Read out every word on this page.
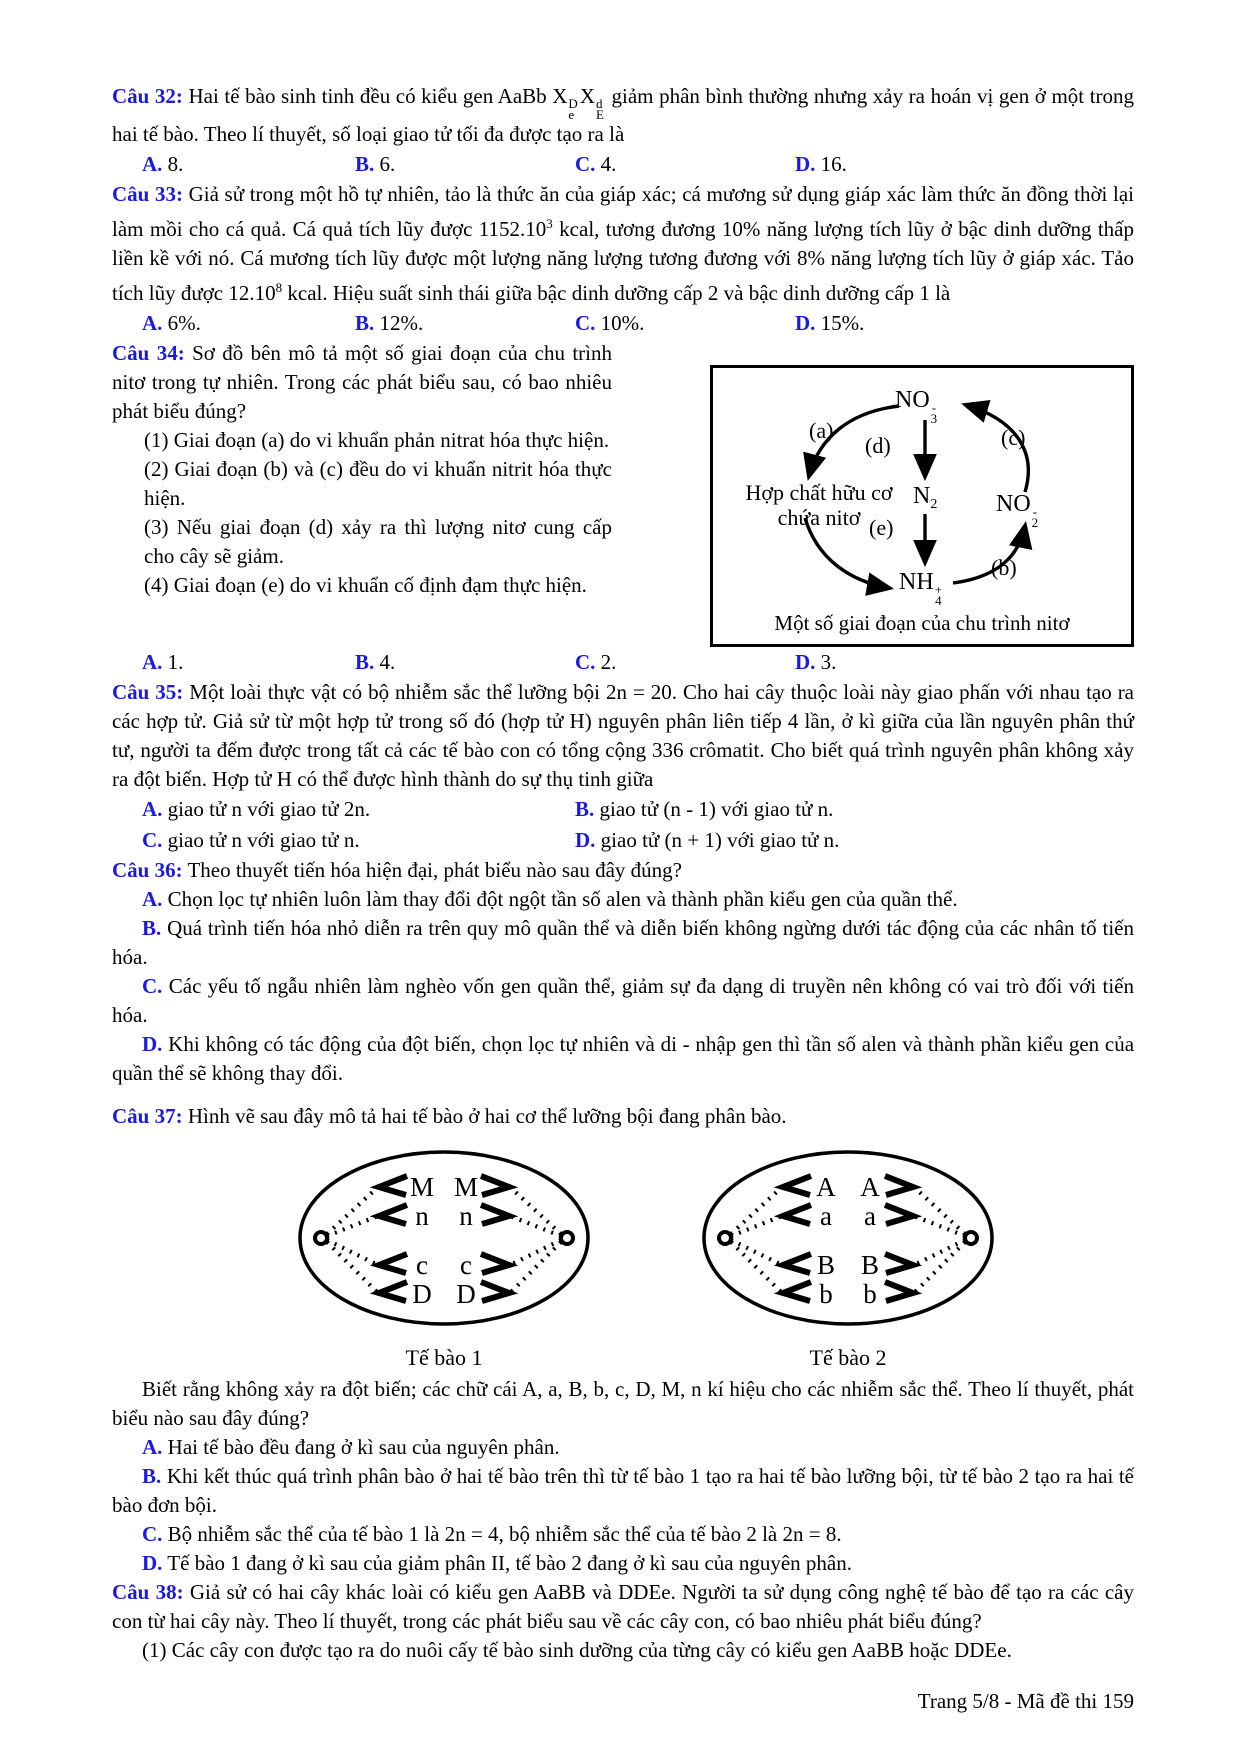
Câu 32: Hai tế bào sinh tinh đều có kiểu gen AaBb X D
e
X d
E
giảm phân bình thường nhưng xảy ra hoán vị gen ở một trong hai tế bào. Theo lí thuyết, số loại giao tử tối đa được tạo ra là

A. 8.	B. 6.	C. 4.	D. 16.

Câu 33: Giả sử trong một hồ tự nhiên, tảo là thức ăn của giáp xác; cá mương sử dụng giáp xác làm thức ăn đồng thời lại làm mồi cho cá quả. Cá quả tích lũy được 1152.10$^3$ kcal, tương đương 10% năng lượng tích lũy ở bậc dinh dưỡng thấp liền kề với nó. Cá mương tích lũy được một lượng năng lượng tương đương với 8% năng lượng tích lũy ở giáp xác. Tảo tích lũy được 12.10$^8$ kcal. Hiệu suất sinh thái giữa bậc dinh dưỡng cấp 2 và bậc dinh dưỡng cấp 1 là

A. 6%.	B. 12%.	C. 10%.	D. 15%.

Câu 34: Sơ đồ bên mô tả một số giai đoạn của chu trình nitơ trong tự nhiên. Trong các phát biểu sau, có bao nhiêu phát biểu đúng?

(1) Giai đoạn (a) do vi khuẩn phản nitrat hóa thực hiện.

(2) Giai đoạn (b) và (c) đều do vi khuẩn nitrit hóa thực hiện.

(3) Nếu giai đoạn (d) xảy ra thì lượng nitơ cung cấp cho cây sẽ giảm.

(4) Giai đoạn (e) do vi khuẩn cố định đạm thực hiện.

NO -
3
(a)
(d)	(c)
Hợp chất hữu cơ
chứa nitơ
$N_2$ NO -
2
(e)
NH +
4
(b)
Một số giai đoạn của chu trình nitơ
A. 1.	B. 4.	C. 2.	D. 3.

Câu 35: Một loài thực vật có bộ nhiễm sắc thể lưỡng bội 2n = 20. Cho hai cây thuộc loài này giao phấn với nhau tạo ra các hợp tử. Giả sử từ một hợp tử trong số đó (hợp tử H) nguyên phân liên tiếp 4 lần, ở kì giữa của lần nguyên phân thứ tư, người ta đếm được trong tất cả các tế bào con có tổng cộng 336 crômatit. Cho biết quá trình nguyên phân không xảy ra đột biến. Hợp tử H có thể được hình thành do sự thụ tinh giữa

A. giao tử n với giao tử 2n.	B. giao tử (n - 1) với giao tử n.
C. giao tử n với giao tử n.	D. giao tử (n + 1) với giao tử n.

Câu 36: Theo thuyết tiến hóa hiện đại, phát biểu nào sau đây đúng?

A. Chọn lọc tự nhiên luôn làm thay đổi đột ngột tần số alen và thành phần kiểu gen của quần thể.

B. Quá trình tiến hóa nhỏ diễn ra trên quy mô quần thể và diễn biến không ngừng dưới tác động của các nhân tố tiến hóa.

C. Các yếu tố ngẫu nhiên làm nghèo vốn gen quần thể, giảm sự đa dạng di truyền nên không có vai trò đối với tiến hóa.

D. Khi không có tác động của đột biến, chọn lọc tự nhiên và di - nhập gen thì tần số alen và thành phần kiểu gen của quần thể sẽ không thay đổi.

Câu 37: Hình vẽ sau đây mô tả hai tế bào ở hai cơ thể lưỡng bội đang phân bào.

M M
n n
c c
D D
Tế bào 1
A A
a a
B B
b b
Tế bào 2

Biết rằng không xảy ra đột biến; các chữ cái A, a, B, b, c, D, M, n kí hiệu cho các nhiễm sắc thể. Theo lí thuyết, phát biểu nào sau đây đúng?

A. Hai tế bào đều đang ở kì sau của nguyên phân.

B. Khi kết thúc quá trình phân bào ở hai tế bào trên thì từ tế bào 1 tạo ra hai tế bào lưỡng bội, từ tế bào 2 tạo ra hai tế bào đơn bội.

C. Bộ nhiễm sắc thể của tế bào 1 là 2n = 4, bộ nhiễm sắc thể của tế bào 2 là 2n = 8.

D. Tế bào 1 đang ở kì sau của giảm phân II, tế bào 2 đang ở kì sau của nguyên phân.

Câu 38: Giả sử có hai cây khác loài có kiểu gen AaBB và DDEe. Người ta sử dụng công nghệ tế bào để tạo ra các cây con từ hai cây này. Theo lí thuyết, trong các phát biểu sau về các cây con, có bao nhiêu phát biểu đúng?

(1) Các cây con được tạo ra do nuôi cấy tế bào sinh dưỡng của từng cây có kiểu gen AaBB hoặc DDEe.

Trang 5/8 - Mã đề thi 159
